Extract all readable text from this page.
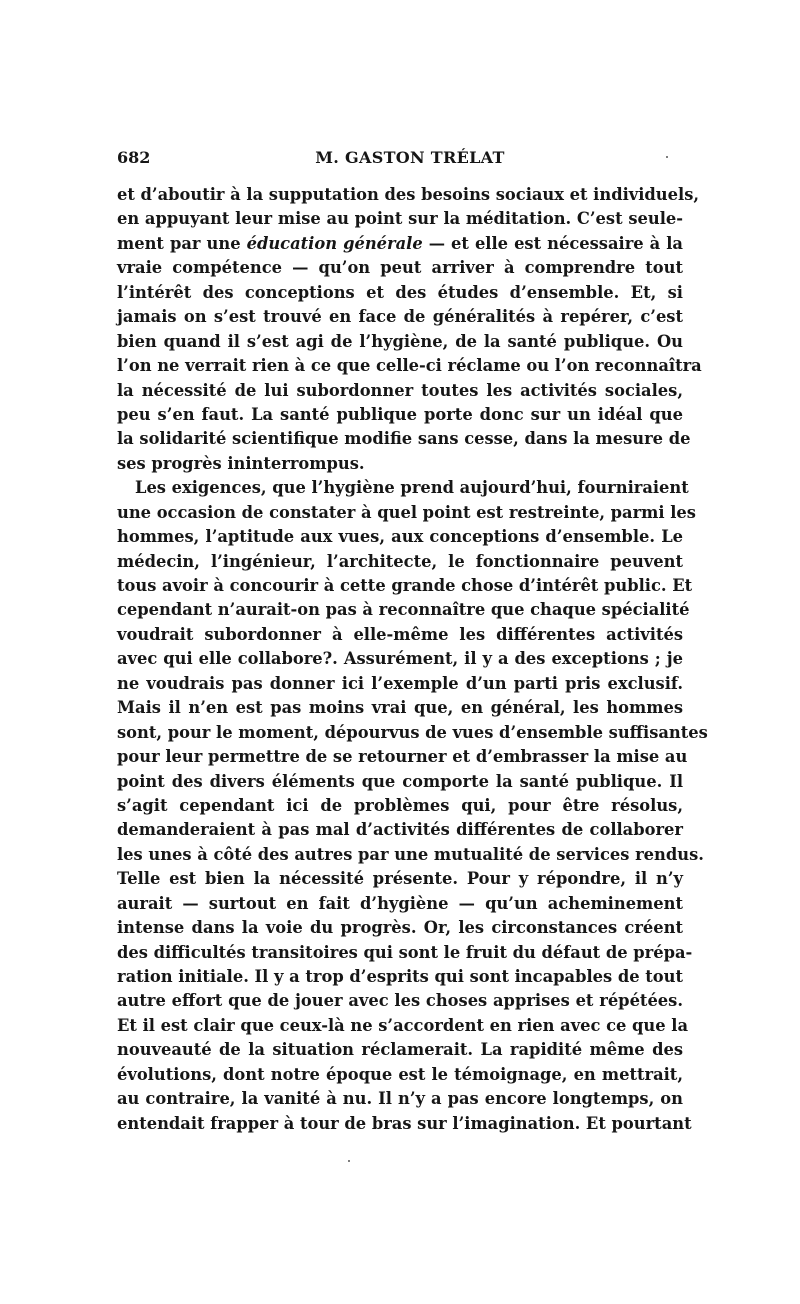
682	M. GASTON TRÉLAT
et d’aboutir à la supputation des besoins sociaux et individuels,
en appuyant leur mise au point sur la méditation. C’est seule-
ment par une éducation générale — et elle est nécessaire à la
vraie compétence — qu’on peut arriver à comprendre tout
l’intérêt des conceptions et des études d’ensemble. Et, si
jamais on s’est trouvé en face de généralités à repérer, c’est
bien quand il s’est agi de l’hygiène, de la santé publique. Ou
l’on ne verrait rien à ce que celle-ci réclame ou l’on reconnaîtra
la nécessité de lui subordonner toutes les activités sociales,
peu s’en faut. La santé publique porte donc sur un idéal que
la solidarité scientifique modifie sans cesse, dans la mesure de
ses progrès ininterrompus.
Les exigences, que l’hygiène prend aujourd’hui, fourniraient
une occasion de constater à quel point est restreinte, parmi les
hommes, l’aptitude aux vues, aux conceptions d’ensemble. Le
médecin, l’ingénieur, l’architecte, le fonctionnaire peuvent
tous avoir à concourir à cette grande chose d’intérêt public. Et
cependant n’aurait-on pas à reconnaître que chaque spécialité
voudrait subordonner à elle-même les différentes activités
avec qui elle collabore?. Assurément, il y a des exceptions ; je
ne voudrais pas donner ici l’exemple d’un parti pris exclusif.
Mais il n’en est pas moins vrai que, en général, les hommes
sont, pour le moment, dépourvus de vues d’ensemble suffisantes
pour leur permettre de se retourner et d’embrasser la mise au
point des divers éléments que comporte la santé publique. Il
s’agit cependant ici de problèmes qui, pour être résolus,
demanderaient à pas mal d’activités différentes de collaborer
les unes à côté des autres par une mutualité de services rendus.
Telle est bien la nécessité présente. Pour y répondre, il n’y
aurait — surtout en fait d’hygiène — qu’un acheminement
intense dans la voie du progrès. Or, les circonstances créent
des difficultés transitoires qui sont le fruit du défaut de prépa-
ration initiale. Il y a trop d’esprits qui sont incapables de tout
autre effort que de jouer avec les choses apprises et répétées.
Et il est clair que ceux-là ne s’accordent en rien avec ce que la
nouveauté de la situation réclamerait. La rapidité même des
évolutions, dont notre époque est le témoignage, en mettrait,
au contraire, la vanité à nu. Il n’y a pas encore longtemps, on
entendait frapper à tour de bras sur l’imagination. Et pourtant
